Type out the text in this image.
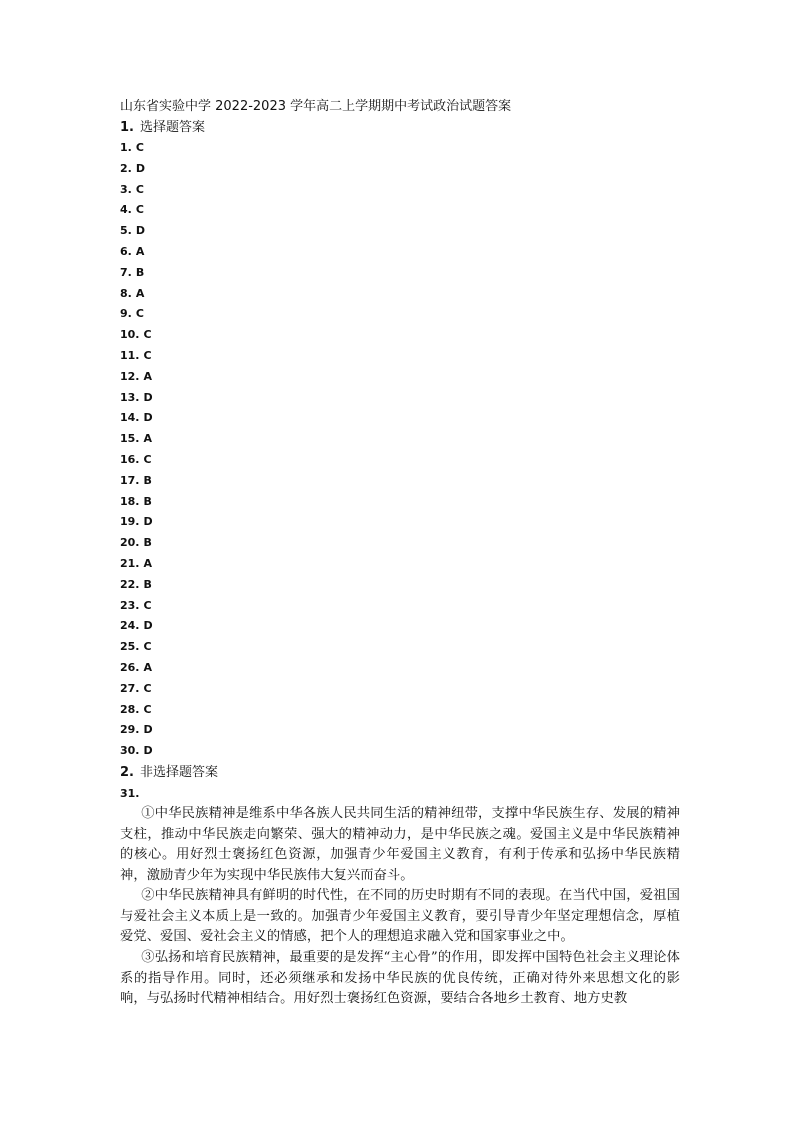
山东省实验中学 2022-2023 学年高二上学期期中考试政治试题答案
1. 选择题答案
1. C
2. D
3. C
4. C
5. D
6. A
7. B
8. A
9. C
10. C
11. C
12. A
13. D
14. D
15. A
16. C
17. B
18. B
19. D
20. B
21. A
22. B
23. C
24. D
25. C
26. A
27. C
28. C
29. D
30. D
2. 非选择题答案
31.

①中华民族精神是维系中华各族人民共同生活的精神纽带，支撑中华民族生存、发展的精神支柱，推动中华民族走向繁荣、强大的精神动力，是中华民族之魂。爱国主义是中华民族精神的核心。用好烈士褒扬红色资源，加强青少年爱国主义教育，有利于传承和弘扬中华民族精神，激励青少年为实现中华民族伟大复兴而奋斗。

②中华民族精神具有鲜明的时代性，在不同的历史时期有不同的表现。在当代中国，爱祖国与爱社会主义本质上是一致的。加强青少年爱国主义教育，要引导青少年坚定理想信念，厚植爱党、爱国、爱社会主义的情感，把个人的理想追求融入党和国家事业之中。

③弘扬和培育民族精神，最重要的是发挥“主心骨”的作用，即发挥中国特色社会主义理论体系的指导作用。同时，还必须继承和发扬中华民族的优良传统，正确对待外来思想文化的影响，与弘扬时代精神相结合。用好烈士褒扬红色资源，要结合各地乡土教育、地方史教
